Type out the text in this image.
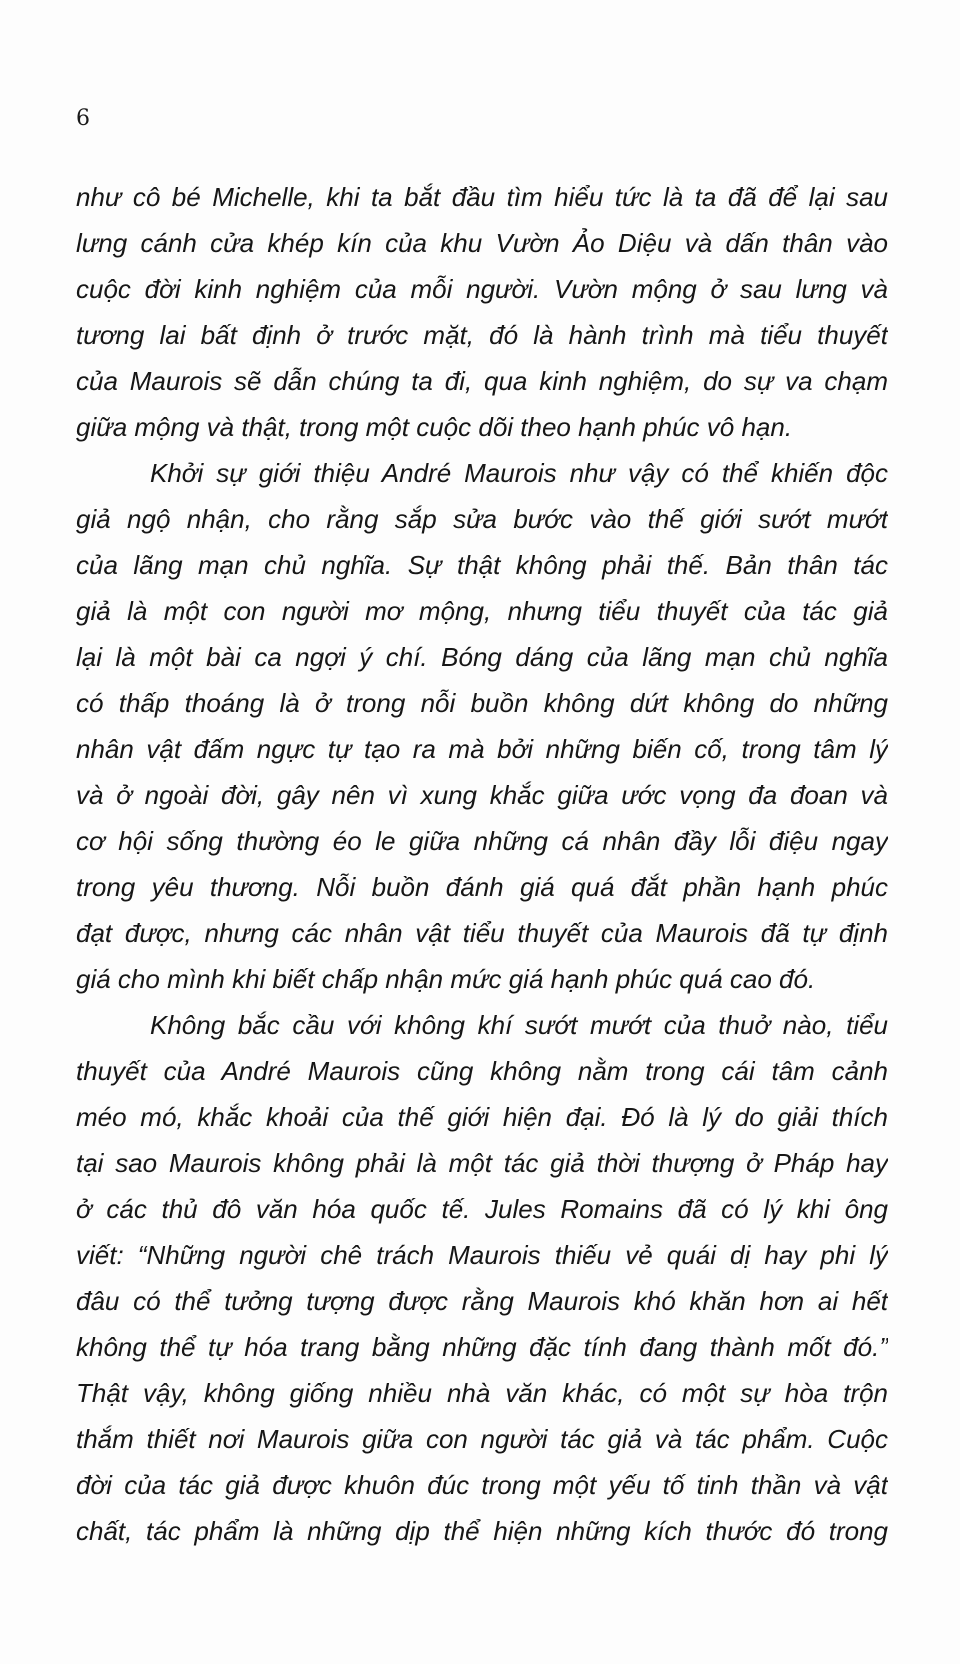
6
như cô bé Michelle, khi ta bắt đầu tìm hiểu tức là ta đã để lại sau
lưng cánh cửa khép kín của khu Vườn Ảo Diệu và dấn thân vào
cuộc đời kinh nghiệm của mỗi người. Vườn mộng ở sau lưng và
tương lai bất định ở trước mặt, đó là hành trình mà tiểu thuyết
của Maurois sẽ dẫn chúng ta đi, qua kinh nghiệm, do sự va chạm
giữa mộng và thật, trong một cuộc dõi theo hạnh phúc vô hạn.
Khởi sự giới thiệu André Maurois như vậy có thể khiến độc
giả ngộ nhận, cho rằng sắp sửa bước vào thế giới sướt mướt
của lãng mạn chủ nghĩa. Sự thật không phải thế. Bản thân tác
giả là một con người mơ mộng, nhưng tiểu thuyết của tác giả
lại là một bài ca ngợi ý chí. Bóng dáng của lãng mạn chủ nghĩa
có thấp thoáng là ở trong nỗi buồn không dứt không do những
nhân vật đấm ngực tự tạo ra mà bởi những biến cố, trong tâm lý
và ở ngoài đời, gây nên vì xung khắc giữa ước vọng đa đoan và
cơ hội sống thường éo le giữa những cá nhân đầy lỗi điệu ngay
trong yêu thương. Nỗi buồn đánh giá quá đắt phần hạnh phúc
đạt được, nhưng các nhân vật tiểu thuyết của Maurois đã tự định
giá cho mình khi biết chấp nhận mức giá hạnh phúc quá cao đó.
Không bắc cầu với không khí sướt mướt của thuở nào, tiểu
thuyết của André Maurois cũng không nằm trong cái tâm cảnh
méo mó, khắc khoải của thế giới hiện đại. Đó là lý do giải thích
tại sao Maurois không phải là một tác giả thời thượng ở Pháp hay
ở các thủ đô văn hóa quốc tế. Jules Romains đã có lý khi ông
viết: “Những người chê trách Maurois thiếu vẻ quái dị hay phi lý
đâu có thể tưởng tượng được rằng Maurois khó khăn hơn ai hết
không thể tự hóa trang bằng những đặc tính đang thành mốt đó.”
Thật vậy, không giống nhiều nhà văn khác, có một sự hòa trộn
thắm thiết nơi Maurois giữa con người tác giả và tác phẩm. Cuộc
đời của tác giả được khuôn đúc trong một yếu tố tinh thần và vật
chất, tác phẩm là những dịp thể hiện những kích thước đó trong
